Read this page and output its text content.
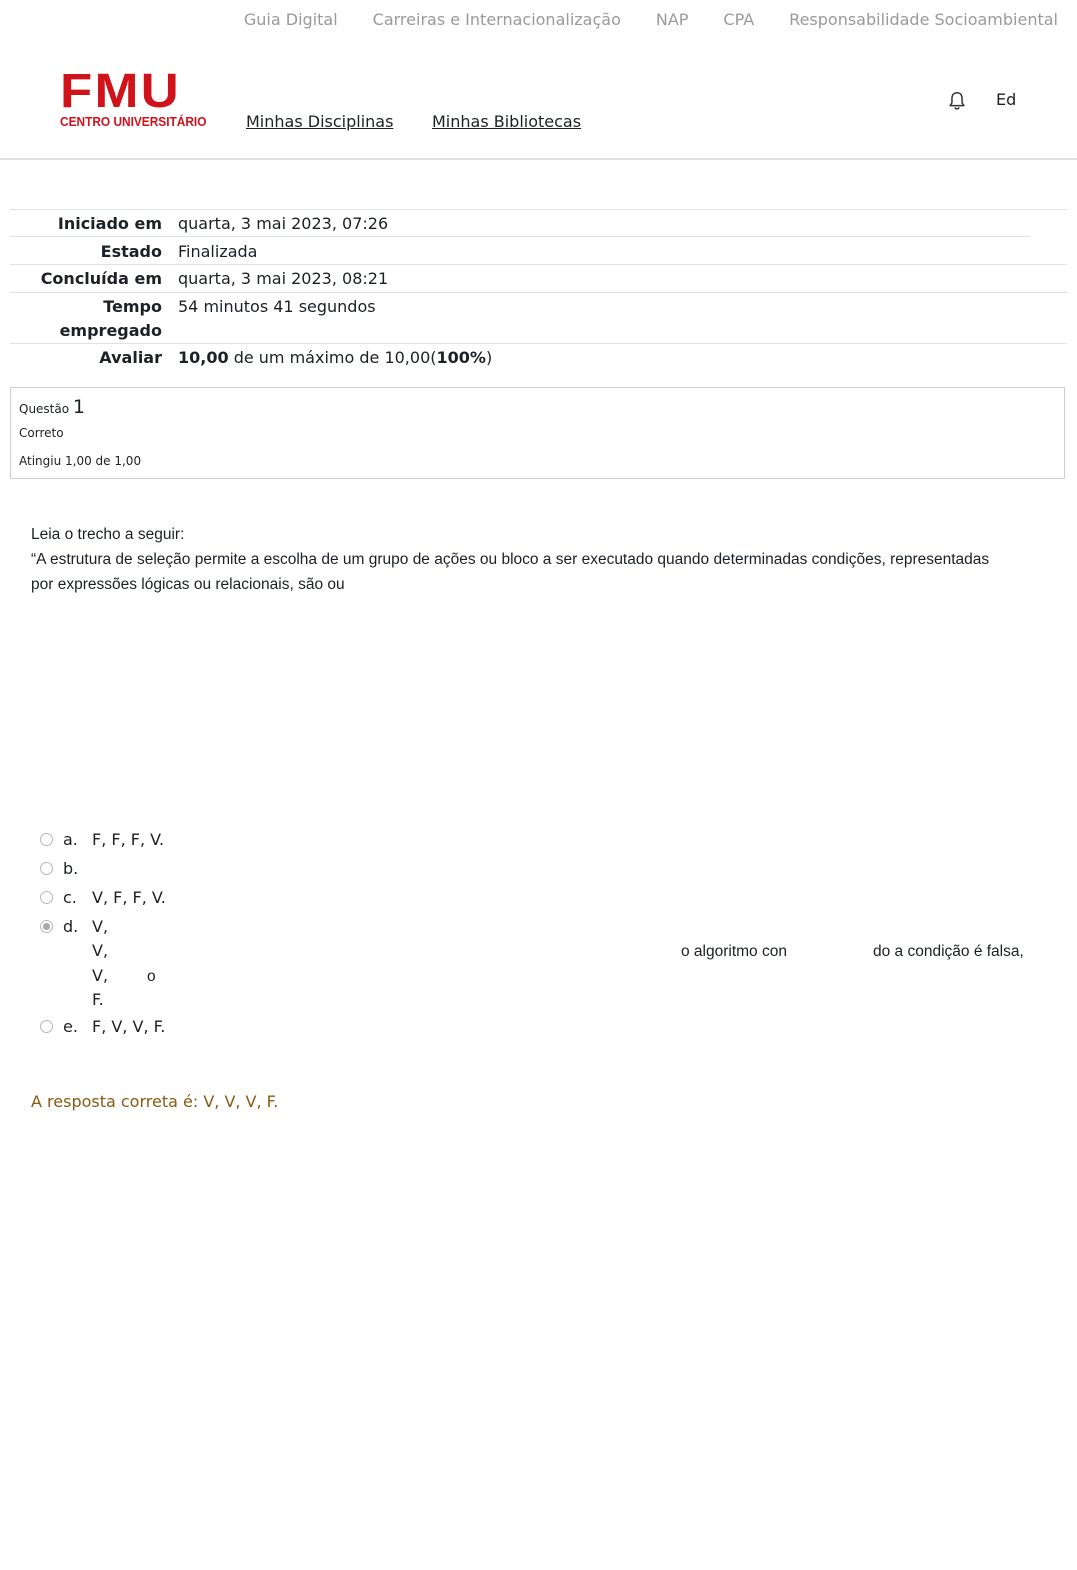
Guia Digital Carreiras e Internacionalização NAP CPA Responsabilidade Socioambiental
FMU
CENTRO UNIVERSITÁRIO Minhas Disciplinas Minhas Bibliotecas
Ed
Iniciado em quarta, 3 mai 2023, 07:26
Estado Finalizada
Concluída em quarta, 3 mai 2023, 08:21
Tempo
empregado
54 minutos 41 segundos
Avaliar 10,00 de um máximo de 10,00(100%)
Questão 1
Correto
Atingiu 1,00 de 1,00
Leia o trecho a seguir:
“A estrutura de seleção permite a escolha de um grupo de ações ou bloco a ser executado quando determinadas condições, representadas
por expressões lógicas ou relacionais, são ou
a. F, F, F, V.
b.
c. V, F, F, V.
d. V,
V,
V,
F.
e. F, V, V, F.
o algoritmo con	do a condição é falsa,
o
A resposta correta é: V, V, V, F.
